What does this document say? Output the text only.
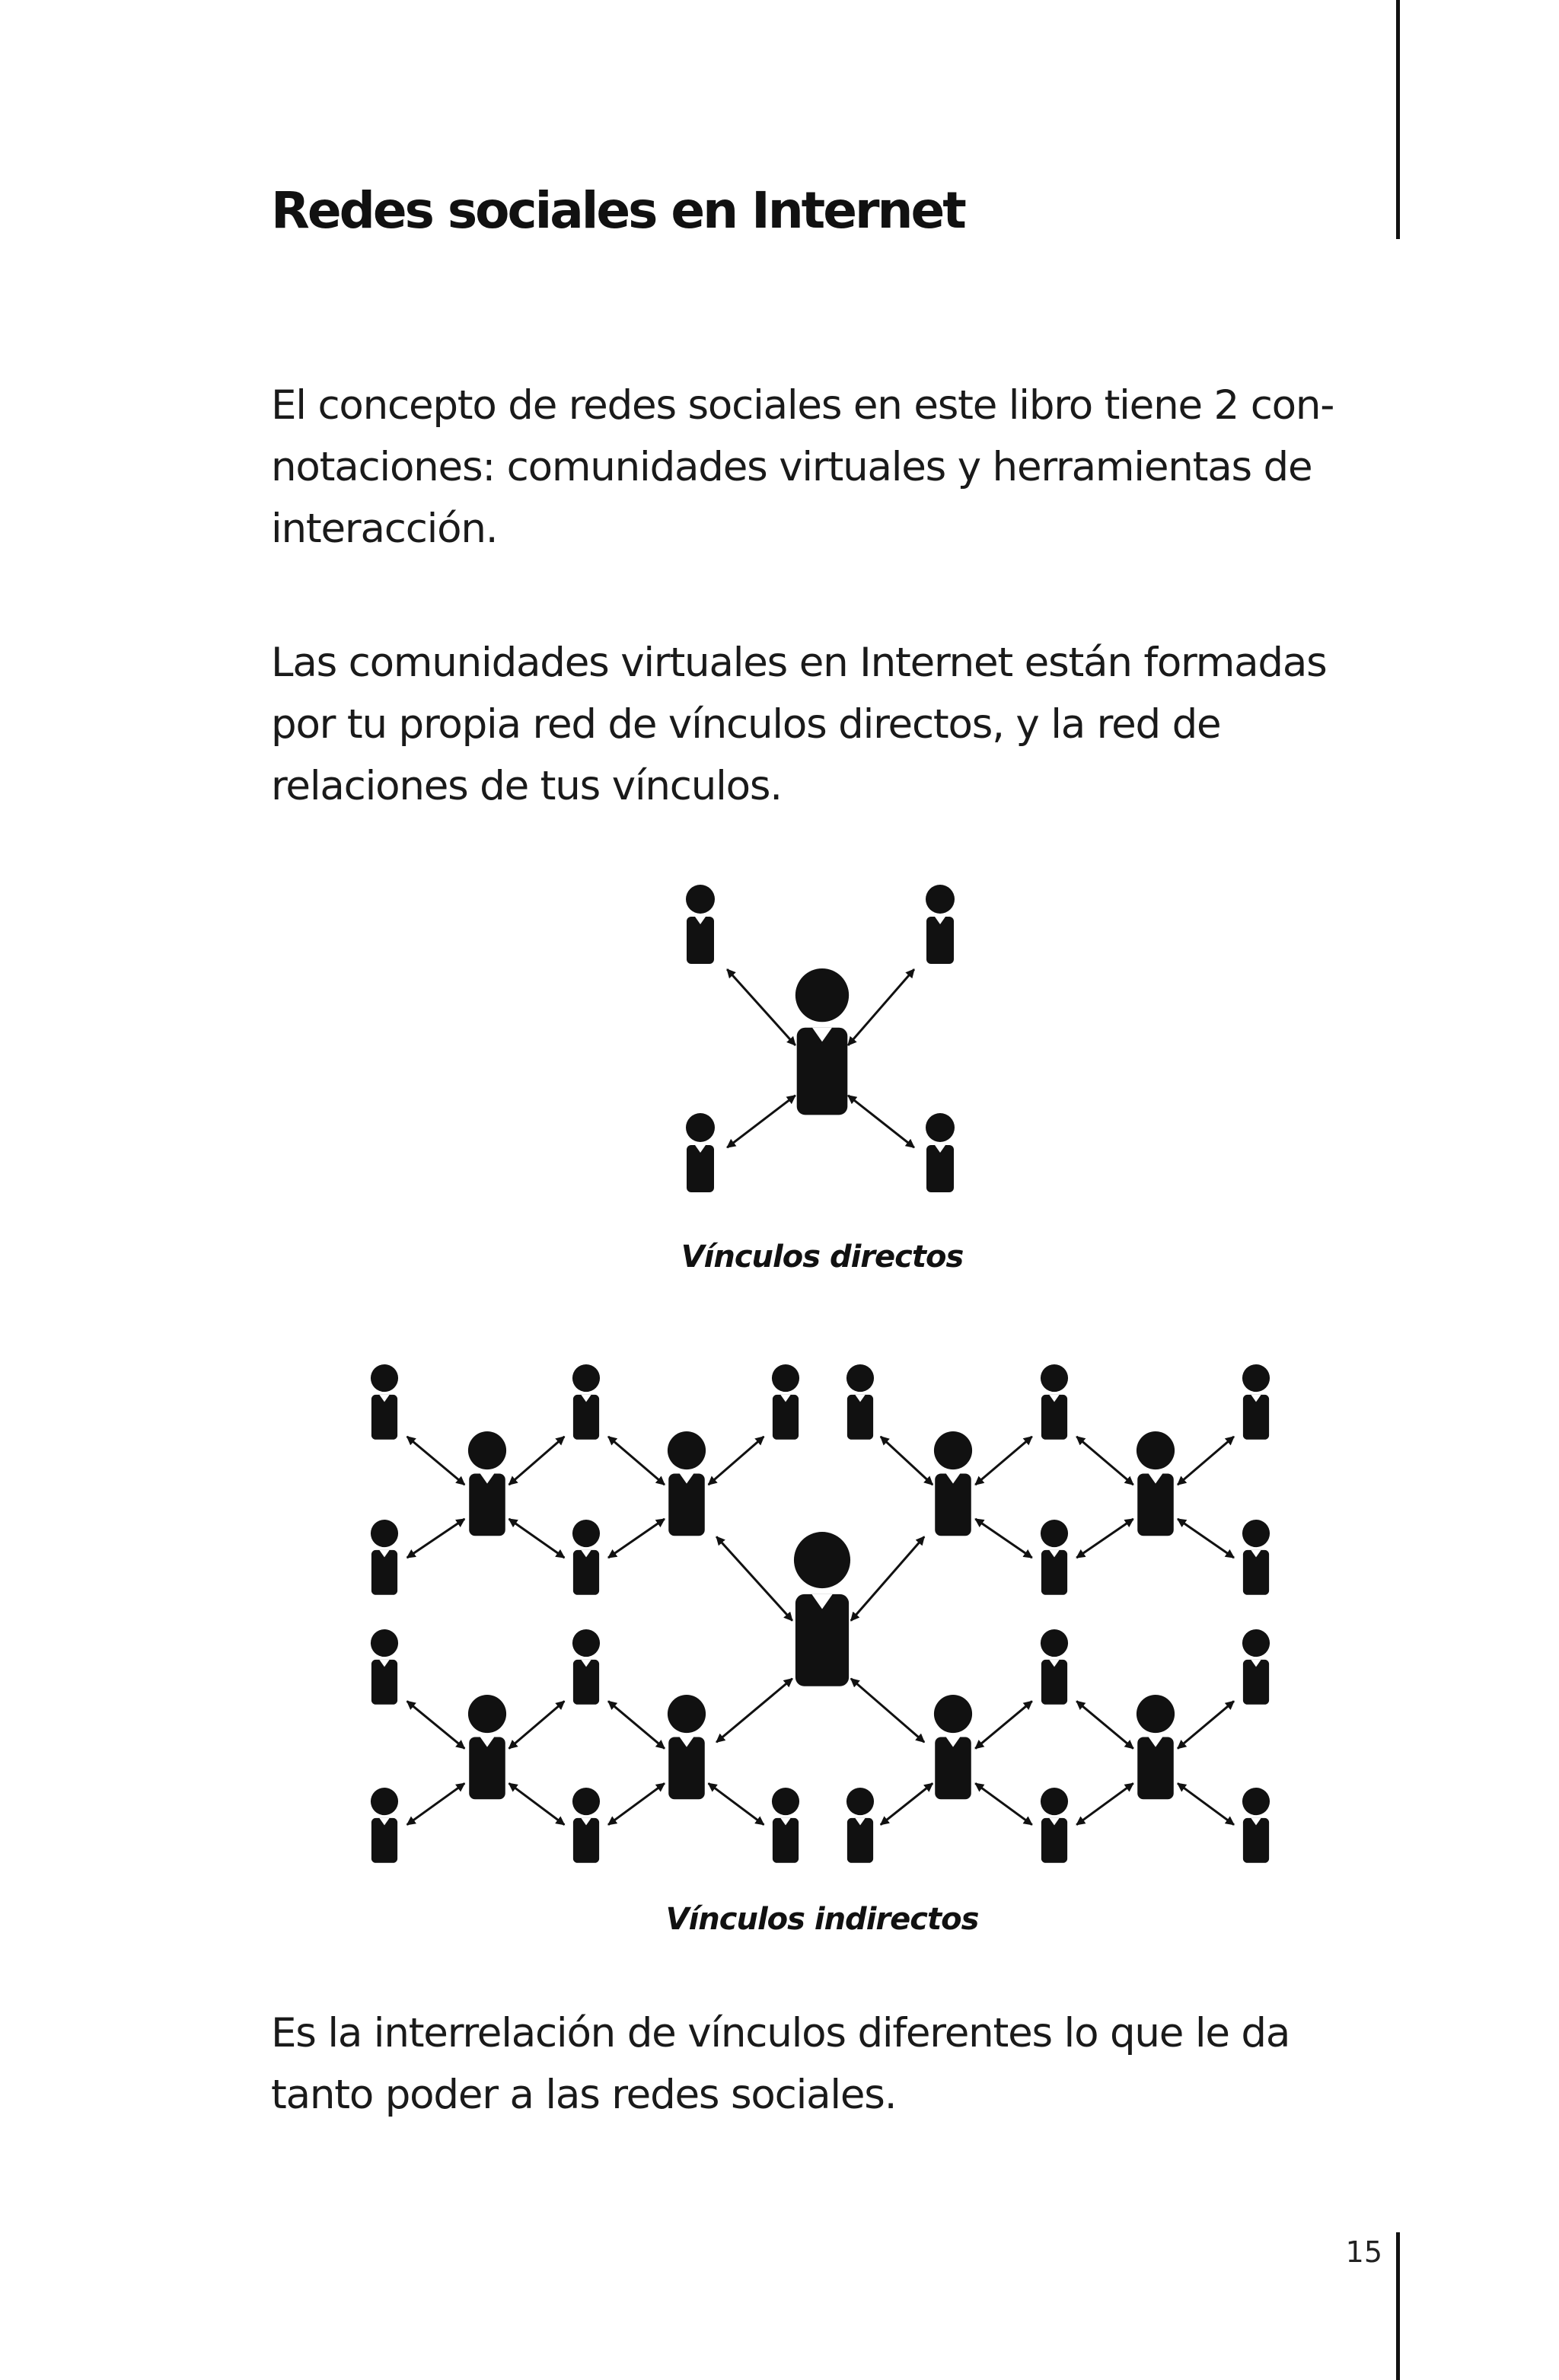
Redes sociales en Internet

El concepto de redes sociales en este libro tiene 2 con-
notaciones: comunidades virtuales y herramientas de
interacción.

Las comunidades virtuales en Internet están formadas
por tu propia red de vínculos directos, y la red de
relaciones de tus vínculos.

Vínculos directos

Vínculos indirectos

Es la interrelación de vínculos diferentes lo que le da
tanto poder a las redes sociales.

15
